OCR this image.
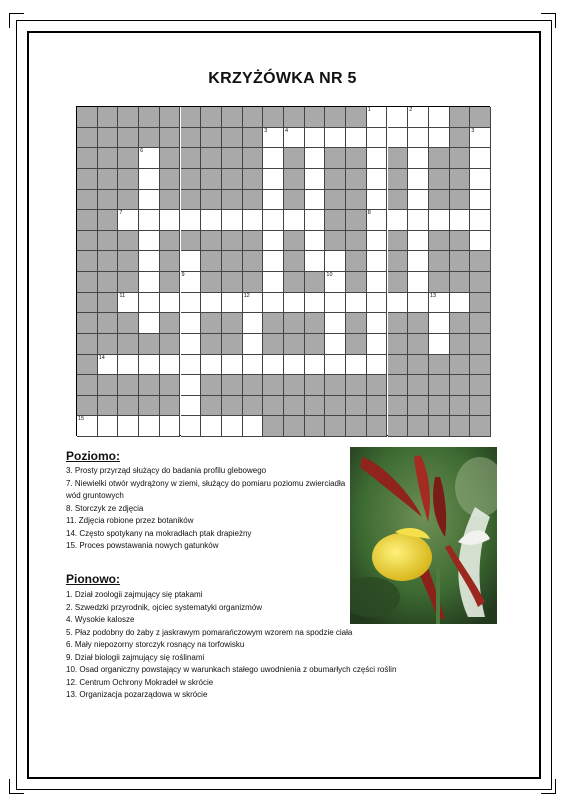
KRZYŻÓWKA NR 5
1	2
3	4	3
6
7	8
9	10
11	12	13
14
15
Poziomo:
3. Prosty przyrząd służący do badania profilu glebowego
7. Niewielki otwór wydrążony w ziemi, służący do pomiaru poziomu zwierciadła wód gruntowych
8. Storczyk ze zdjęcia
11. Zdjęcia robione przez botaników
14. Często spotykany na mokradłach ptak drapieżny
15. Proces powstawania nowych gatunków
Pionowo:
1. Dział zoologii zajmujący się ptakami
2. Szwedzki przyrodnik, ojciec systematyki organizmów
4. Wysokie kalosze
5. Płaz podobny do żaby z jaskrawym pomarańczowym wzorem na spodzie ciała
6. Mały niepozorny storczyk rosnący na torfowisku
9. Dział biologii zajmujący się roślinami
10. Osad organiczny powstający w warunkach stałego uwodnienia z obumarłych części roślin
12. Centrum Ochrony Mokradeł w skrócie
13. Organizacja pozarządowa w skrócie
